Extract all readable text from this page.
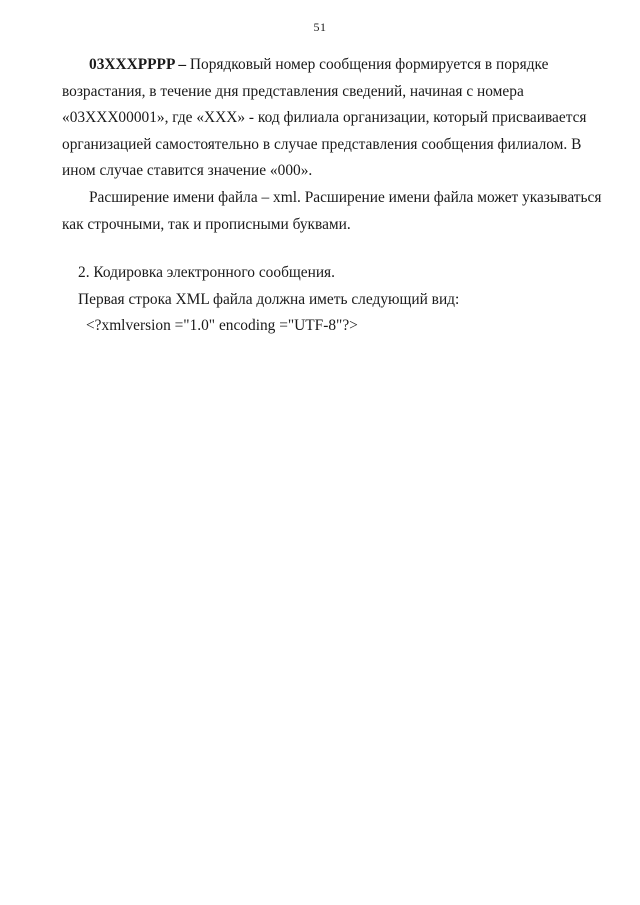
51

03XXXPPPP – Порядковый номер сообщения формируется в порядке

возрастания, в течение дня представления сведений, начиная с номера

«03XXX00001», где «XXX» - код филиала организации, который присваивается

организацией самостоятельно в случае представления сообщения филиалом. В

ином случае ставится значение «000».

Расширение имени файла – xml. Расширение имени файла может указываться

как строчными, так и прописными буквами.

2. Кодировка электронного сообщения.

Первая строка XML файла должна иметь следующий вид:

<?xmlversion ="1.0" encoding ="UTF-8"?>
